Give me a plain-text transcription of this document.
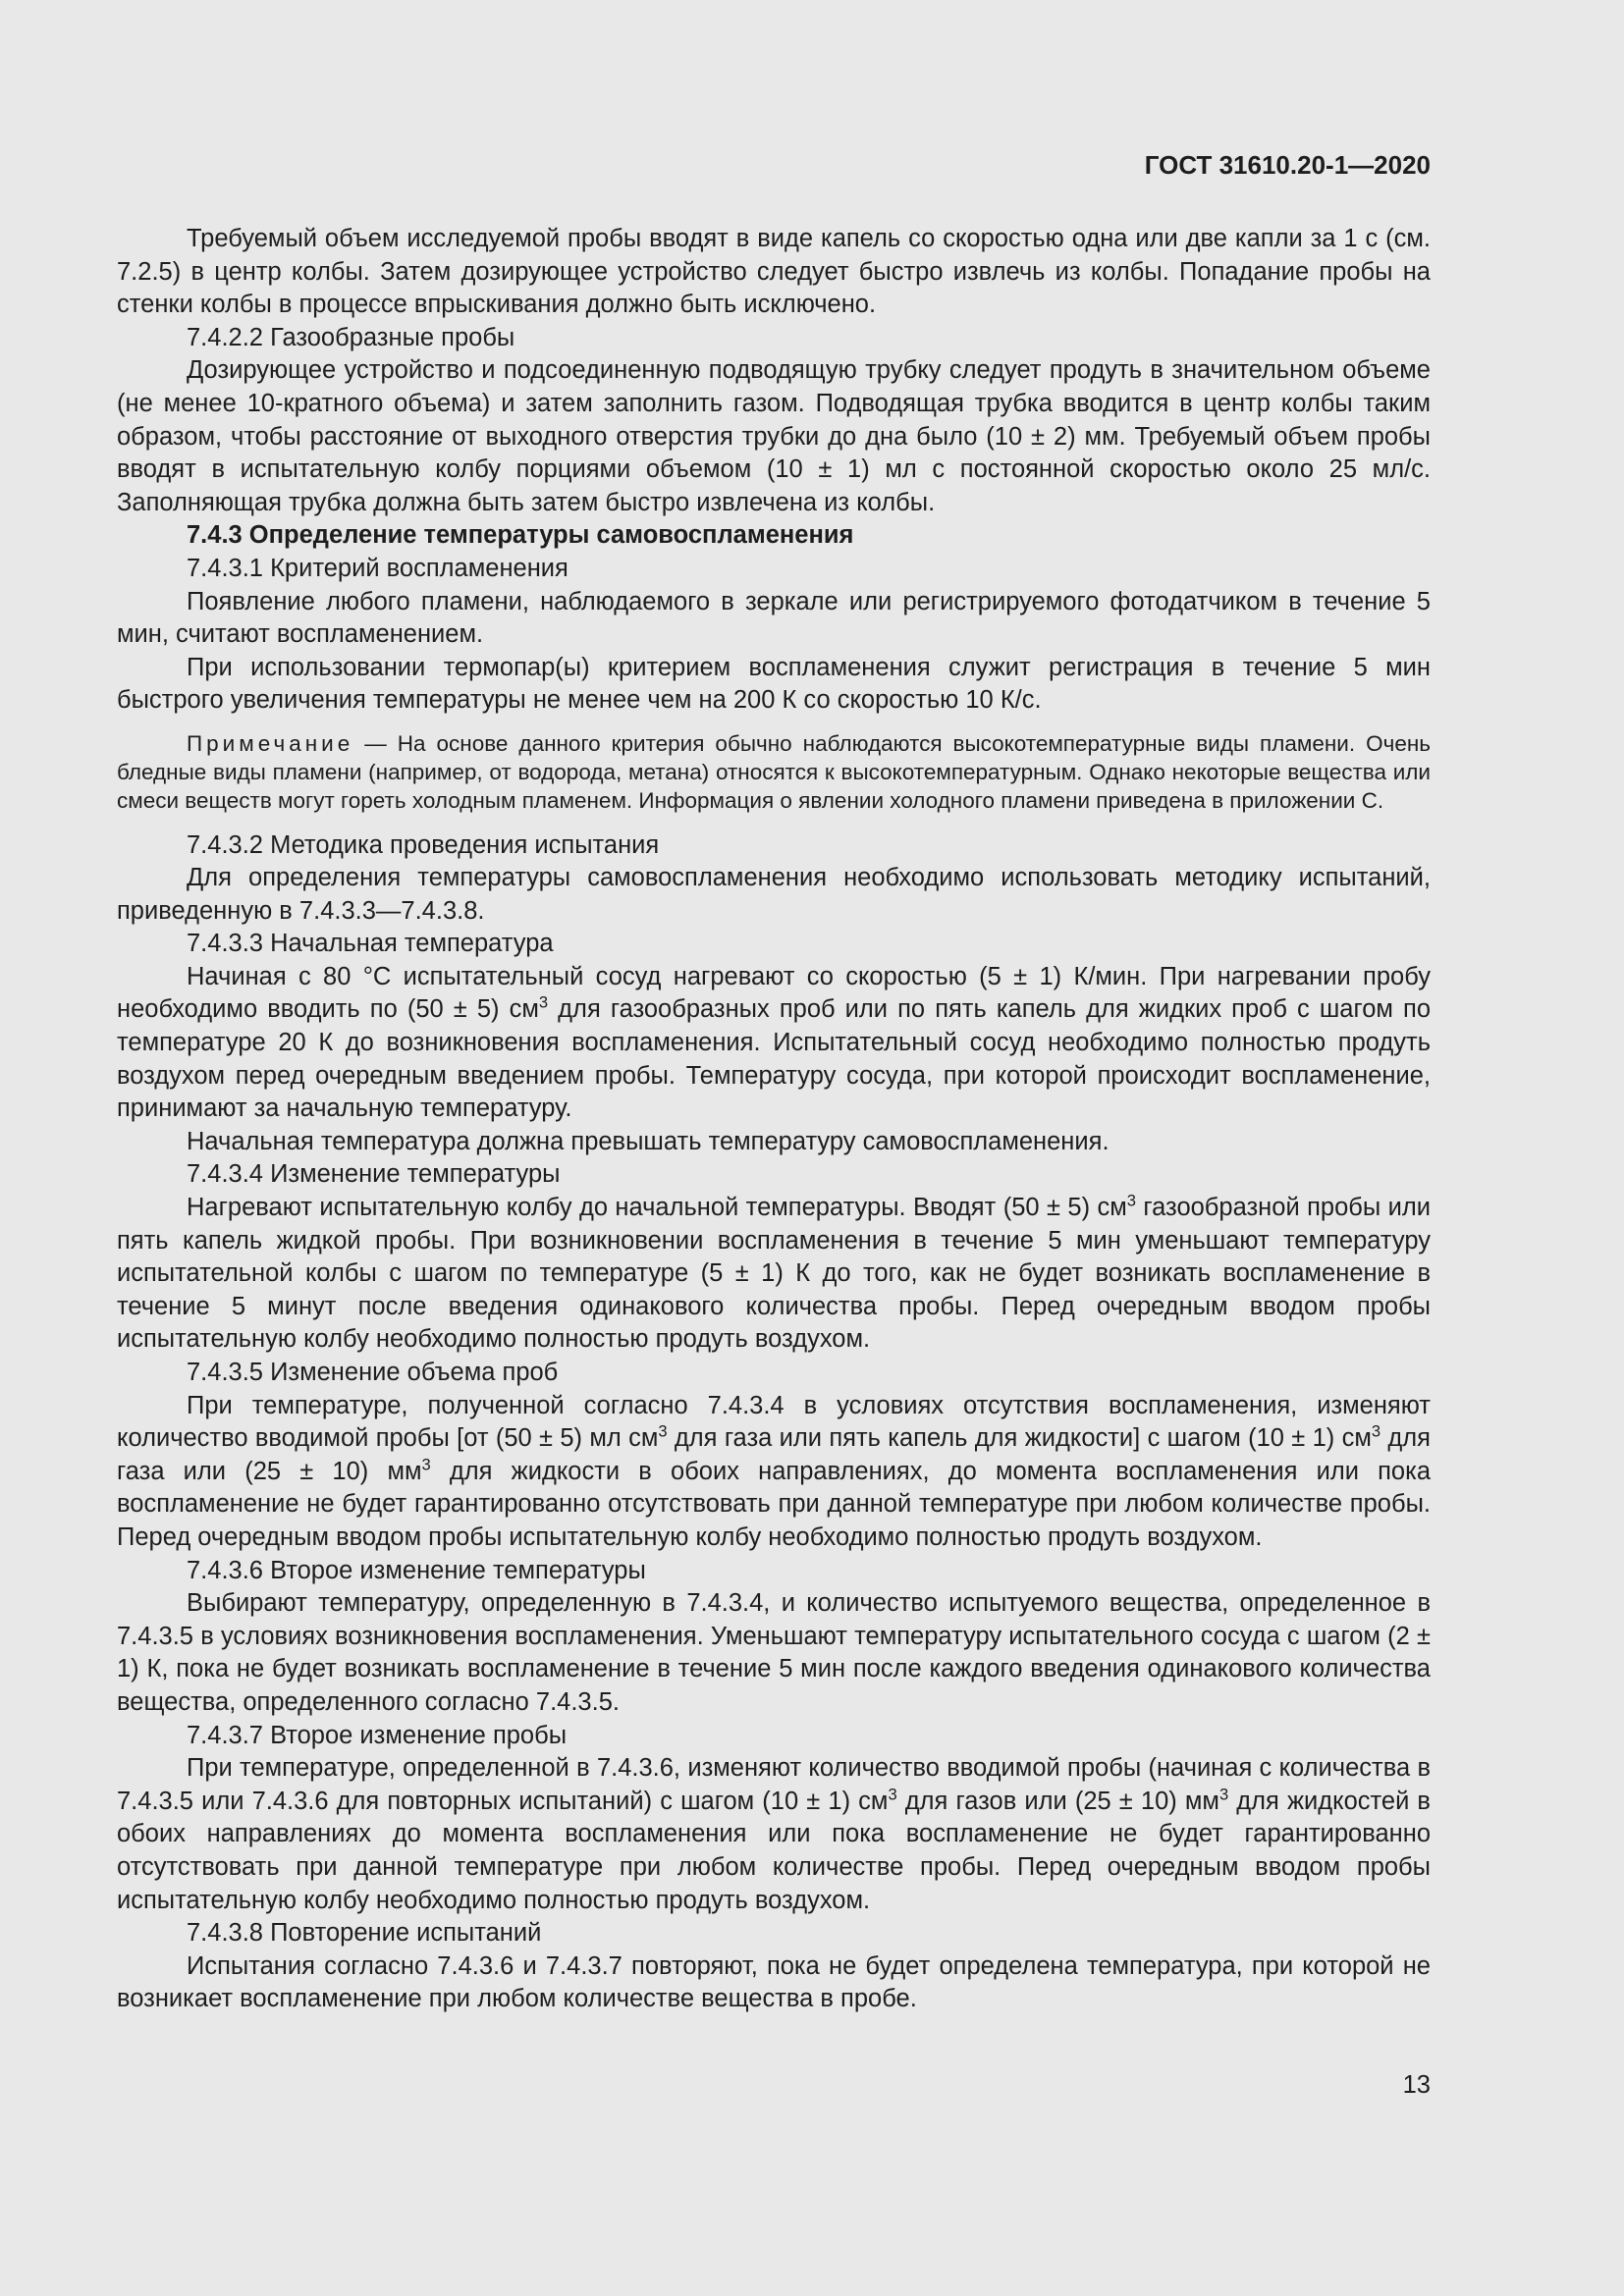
ГОСТ 31610.20-1—2020

Требуемый объем исследуемой пробы вводят в виде капель со скоростью одна или две капли за 1 с (см. 7.2.5) в центр колбы. Затем дозирующее устройство следует быстро извлечь из колбы. Попадание пробы на стенки колбы в процессе впрыскивания должно быть исключено.

7.4.2.2 Газообразные пробы

Дозирующее устройство и подсоединенную подводящую трубку следует продуть в значительном объеме (не менее 10-кратного объема) и затем заполнить газом. Подводящая трубка вводится в центр колбы таким образом, чтобы расстояние от выходного отверстия трубки до дна было (10 ± 2) мм. Требуемый объем пробы вводят в испытательную колбу порциями объемом (10 ± 1) мл с постоянной скоростью около 25 мл/с. Заполняющая трубка должна быть затем быстро извлечена из колбы.

7.4.3 Определение температуры самовоспламенения

7.4.3.1 Критерий воспламенения

Появление любого пламени, наблюдаемого в зеркале или регистрируемого фотодатчиком в течение 5 мин, считают воспламенением.

При использовании термопар(ы) критерием воспламенения служит регистрация в течение 5 мин быстрого увеличения температуры не менее чем на 200 К со скоростью 10 К/с.

Примечание — На основе данного критерия обычно наблюдаются высокотемпературные виды пламени. Очень бледные виды пламени (например, от водорода, метана) относятся к высокотемпературным. Однако некоторые вещества или смеси веществ могут гореть холодным пламенем. Информация о явлении холодного пламени приведена в приложении С.

7.4.3.2 Методика проведения испытания

Для определения температуры самовоспламенения необходимо использовать методику испытаний, приведенную в 7.4.3.3—7.4.3.8.

7.4.3.3 Начальная температура

Начиная с 80 °С испытательный сосуд нагревают со скоростью (5 ± 1) К/мин. При нагревании пробу необходимо вводить по (50 ± 5) $см^3$ для газообразных проб или по пять капель для жидких проб с шагом по температуре 20 К до возникновения воспламенения. Испытательный сосуд необходимо полностью продуть воздухом перед очередным введением пробы. Температуру сосуда, при которой происходит воспламенение, принимают за начальную температуру.

Начальная температура должна превышать температуру самовоспламенения.

7.4.3.4 Изменение температуры

Нагревают испытательную колбу до начальной температуры. Вводят (50 ± 5) $см^3$ газообразной пробы или пять капель жидкой пробы. При возникновении воспламенения в течение 5 мин уменьшают температуру испытательной колбы с шагом по температуре (5 ± 1) К до того, как не будет возникать воспламенение в течение 5 минут после введения одинакового количества пробы. Перед очередным вводом пробы испытательную колбу необходимо полностью продуть воздухом.

7.4.3.5 Изменение объема проб

При температуре, полученной согласно 7.4.3.4 в условиях отсутствия воспламенения, изменяют количество вводимой пробы [от (50 ± 5) мл $см^3$ для газа или пять капель для жидкости] с шагом (10 ± 1) $см^3$ для газа или (25 ± 10) $мм^3$ для жидкости в обоих направлениях, до момента воспламенения или пока воспламенение не будет гарантированно отсутствовать при данной температуре при любом количестве пробы. Перед очередным вводом пробы испытательную колбу необходимо полностью продуть воздухом.

7.4.3.6 Второе изменение температуры

Выбирают температуру, определенную в 7.4.3.4, и количество испытуемого вещества, определенное в 7.4.3.5 в условиях возникновения воспламенения. Уменьшают температуру испытательного сосуда с шагом (2 ± 1) К, пока не будет возникать воспламенение в течение 5 мин после каждого введения одинакового количества вещества, определенного согласно 7.4.3.5.

7.4.3.7 Второе изменение пробы

При температуре, определенной в 7.4.3.6, изменяют количество вводимой пробы (начиная с количества в 7.4.3.5 или 7.4.3.6 для повторных испытаний) с шагом (10 ± 1) $см^3$ для газов или (25 ± 10) $мм^3$ для жидкостей в обоих направлениях до момента воспламенения или пока воспламенение не будет гарантированно отсутствовать при данной температуре при любом количестве пробы. Перед очередным вводом пробы испытательную колбу необходимо полностью продуть воздухом.

7.4.3.8 Повторение испытаний

Испытания согласно 7.4.3.6 и 7.4.3.7 повторяют, пока не будет определена температура, при которой не возникает воспламенение при любом количестве вещества в пробе.

13
